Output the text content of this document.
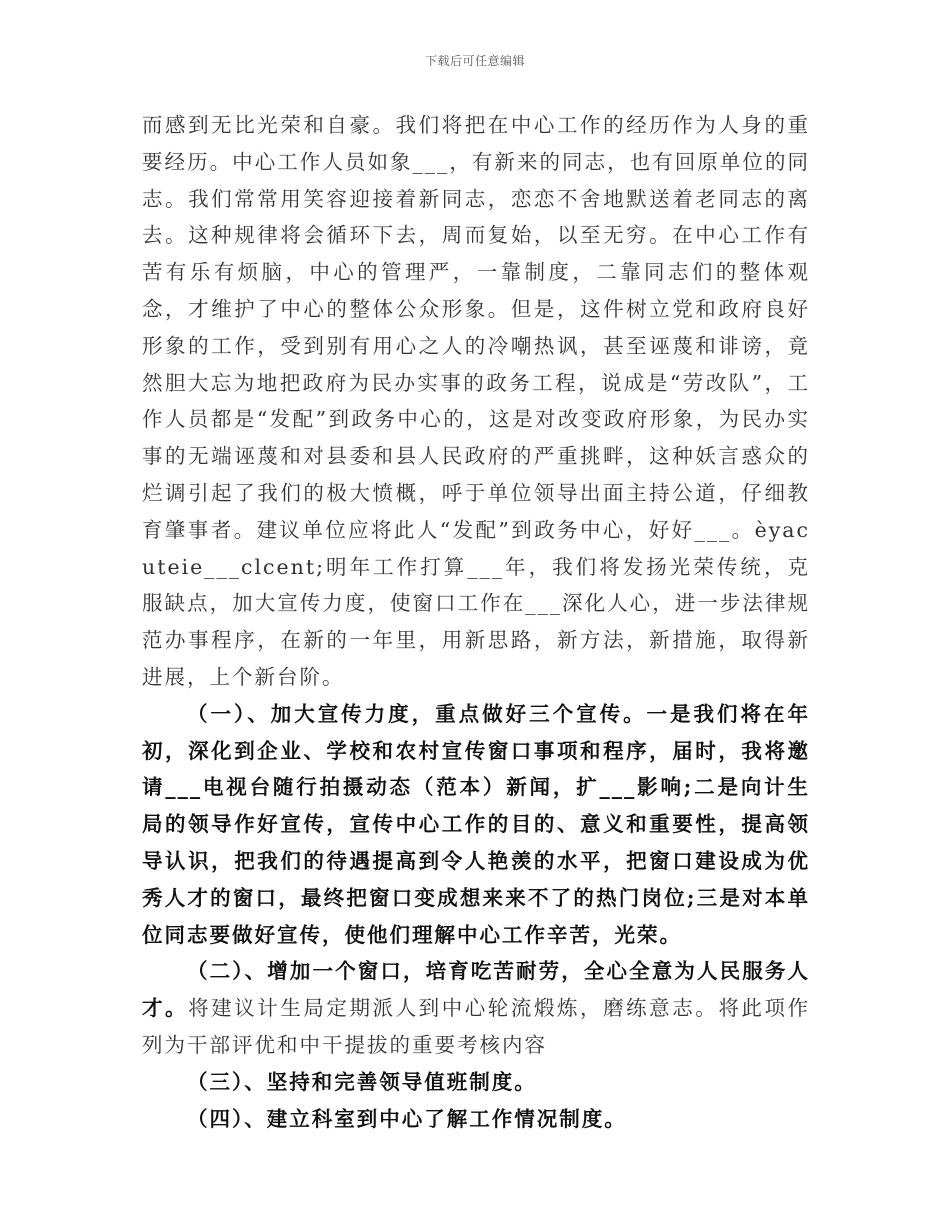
下载后可任意编辑

而感到无比光荣和自豪。我们将把在中心工作的经历作为人身的重要经历。中心工作人员如象___，有新来的同志，也有回原单位的同志。我们常常用笑容迎接着新同志，恋恋不舍地默送着老同志的离去。这种规律将会循环下去，周而复始，以至无穷。在中心工作有苦有乐有烦脑，中心的管理严，一靠制度，二靠同志们的整体观念，才维护了中心的整体公众形象。但是，这件树立党和政府良好形象的工作，受到别有用心之人的冷嘲热讽，甚至诬蔑和诽谤，竟然胆大忘为地把政府为民办实事的政务工程，说成是“劳改队”，工作人员都是“发配”到政务中心的，这是对改变政府形象，为民办实事的无端诬蔑和对县委和县人民政府的严重挑畔，这种妖言惑众的烂调引起了我们的极大愤概，呼于单位领导出面主持公道，仔细教育肇事者。建议单位应将此人“发配”到政务中心，好好___。èyacuteie___clcent;明年工作打算___年，我们将发扬光荣传统，克服缺点，加大宣传力度，使窗口工作在___深化人心，进一步法律规范办事程序，在新的一年里，用新思路，新方法，新措施，取得新进展，上个新台阶。

（一）、加大宣传力度，重点做好三个宣传。一是我们将在年初，深化到企业、学校和农村宣传窗口事项和程序，届时，我将邀请___电视台随行拍摄动态（范本）新闻，扩___影响;二是向计生局的领导作好宣传，宣传中心工作的目的、意义和重要性，提高领导认识，把我们的待遇提高到令人艳羡的水平，把窗口建设成为优秀人才的窗口，最终把窗口变成想来来不了的热门岗位;三是对本单位同志要做好宣传，使他们理解中心工作辛苦，光荣。

（二）、增加一个窗口，培育吃苦耐劳，全心全意为人民服务人才。将建议计生局定期派人到中心轮流煅炼，磨练意志。将此项作列为干部评优和中干提拔的重要考核内容

（三）、坚持和完善领导值班制度。

（四）、建立科室到中心了解工作情况制度。
